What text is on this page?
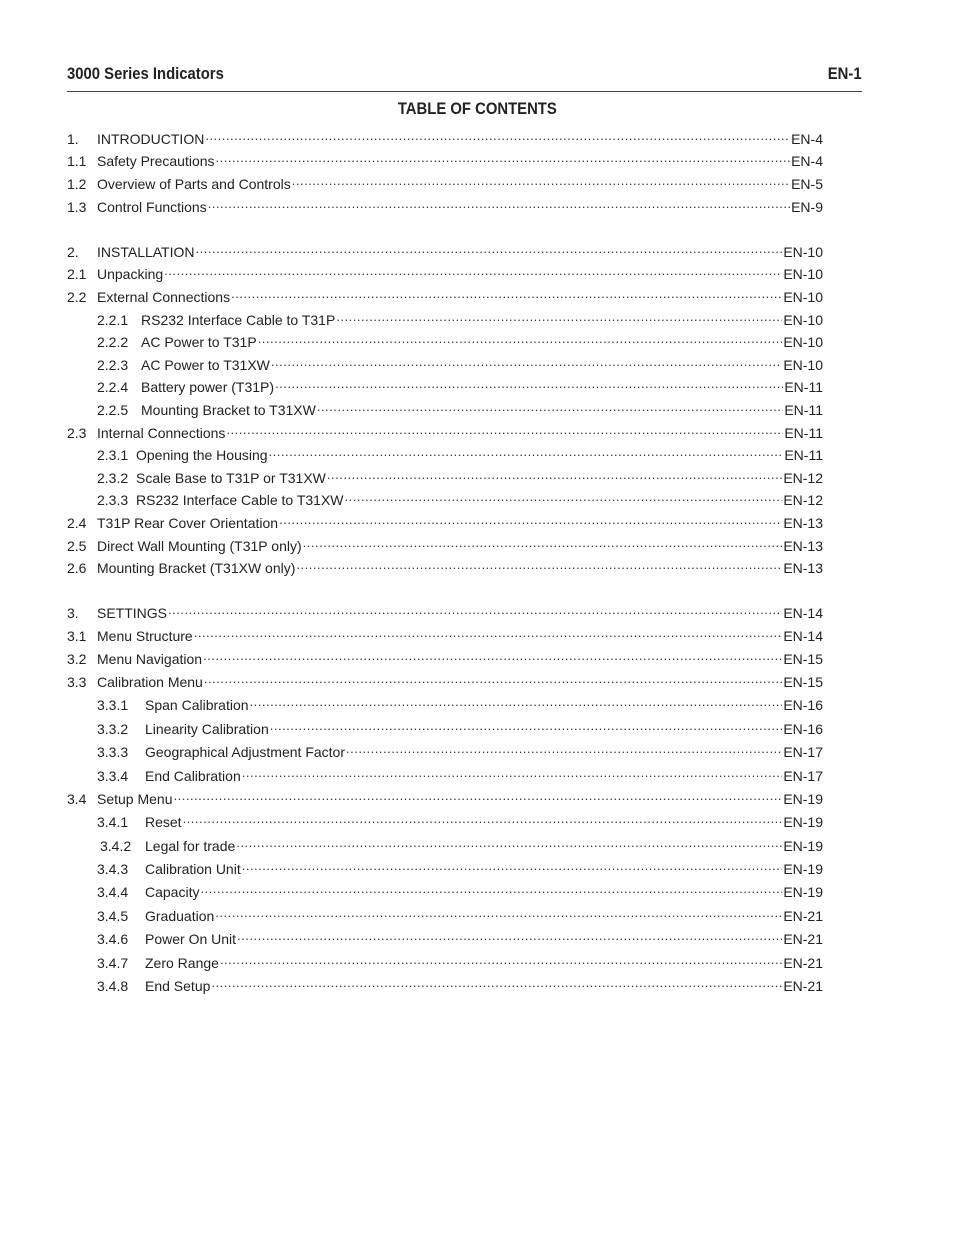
3000 Series Indicators	EN-1
TABLE OF CONTENTS
1.	INTRODUCTION .....	EN-4
1.1 Safety Precautions .....	EN-4
1.2 Overview of Parts and Controls .....	EN-5
1.3 Control Functions .....	EN-9
2.	INSTALLATION .....	EN-10
2.1 Unpacking .....	EN-10
2.2 External Connections .....	EN-10
2.2.1 RS232 Interface Cable to T31P .....	EN-10
2.2.2 AC Power to T31P .....	EN-10
2.2.3 AC Power to T31XW .....	EN-10
2.2.4 Battery power (T31P) .....	EN-11
2.2.5 Mounting Bracket to T31XW .....	EN-11
2.3 Internal Connections .....	EN-11
2.3.1 Opening the Housing .....	EN-11
2.3.2 Scale Base to T31P or T31XW .....	EN-12
2.3.3 RS232 Interface Cable to T31XW .....	EN-12
2.4 T31P Rear Cover Orientation .....	EN-13
2.5 Direct Wall Mounting (T31P only) .....	EN-13
2.6 Mounting Bracket (T31XW only) .....	EN-13
3.	SETTINGS .....	EN-14
3.1 Menu Structure .....	EN-14
3.2 Menu Navigation .....	EN-15
3.3 Calibration Menu .....	EN-15
3.3.1	Span Calibration .....	EN-16
3.3.2	Linearity Calibration .....	EN-16
3.3.3	Geographical Adjustment Factor .....	EN-17
3.3.4	End Calibration .....	EN-17
3.4 Setup Menu .....	EN-19
3.4.1	Reset .....	EN-19
3.4.2 Legal for trade .....	EN-19
3.4.3	Calibration Unit .....	EN-19
3.4.4	Capacity .....	EN-19
3.4.5	Graduation .....	EN-21
3.4.6	Power On Unit .....	EN-21
3.4.7	Zero Range .....	EN-21
3.4.8	End Setup .....	EN-21
